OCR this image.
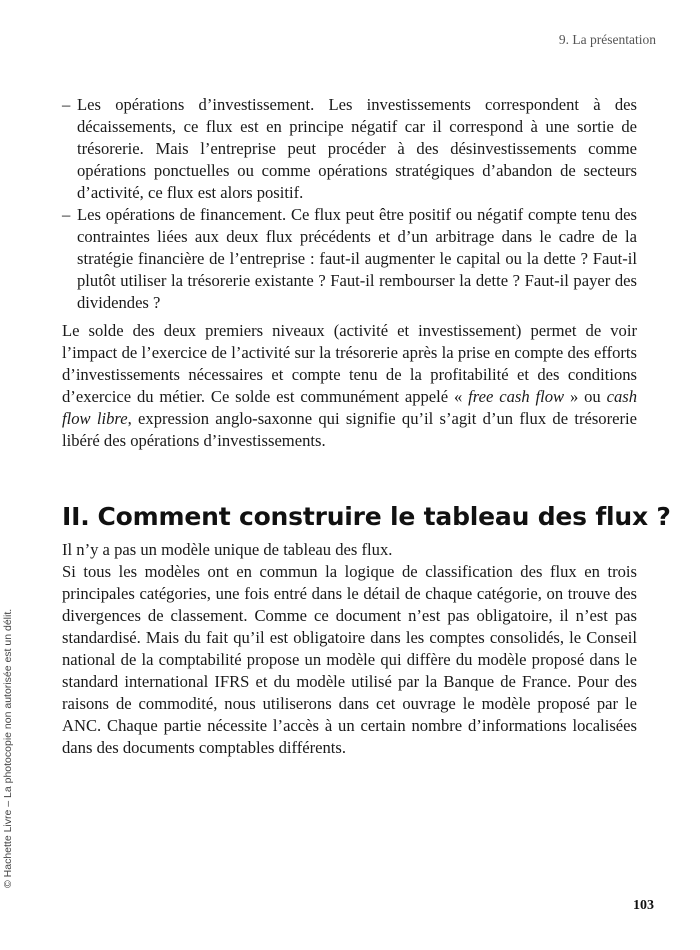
9. La présentation
– Les opérations d’investissement. Les investissements correspondent à des décaissements, ce flux est en principe négatif car il correspond à une sortie de trésorerie. Mais l’entreprise peut procéder à des désinvestissements comme opérations ponctuelles ou comme opérations stratégiques d’abandon de secteurs d’activité, ce flux est alors positif.
– Les opérations de financement. Ce flux peut être positif ou négatif compte tenu des contraintes liées aux deux flux précédents et d’un arbitrage dans le cadre de la stratégie financière de l’entreprise : faut-il augmenter le capital ou la dette ? Faut-il plutôt utiliser la trésorerie existante ? Faut-il rembourser la dette ? Faut-il payer des dividendes ?

Le solde des deux premiers niveaux (activité et investissement) permet de voir l’impact de l’exercice de l’activité sur la trésorerie après la prise en compte des efforts d’investissements nécessaires et compte tenu de la profitabilité et des conditions d’exercice du métier. Ce solde est communément appelé « free cash flow » ou cash flow libre, expression anglo-saxonne qui signifie qu’il s’agit d’un flux de trésorerie libéré des opérations d’investissements.

II. Comment construire le tableau des flux ?

Il n’y a pas un modèle unique de tableau des flux.

Si tous les modèles ont en commun la logique de classification des flux en trois principales catégories, une fois entré dans le détail de chaque catégorie, on trouve des divergences de classement. Comme ce document n’est pas obligatoire, il n’est pas standardisé. Mais du fait qu’il est obligatoire dans les comptes consolidés, le Conseil national de la comptabilité propose un modèle qui diffère du modèle proposé dans le standard international IFRS et du modèle utilisé par la Banque de France. Pour des raisons de commodité, nous utiliserons dans cet ouvrage le modèle proposé par le ANC. Chaque partie nécessite l’accès à un certain nombre d’informations localisées dans des documents comptables différents.

© Hachette Livre – La photocopie non autorisée est un délit.
103
